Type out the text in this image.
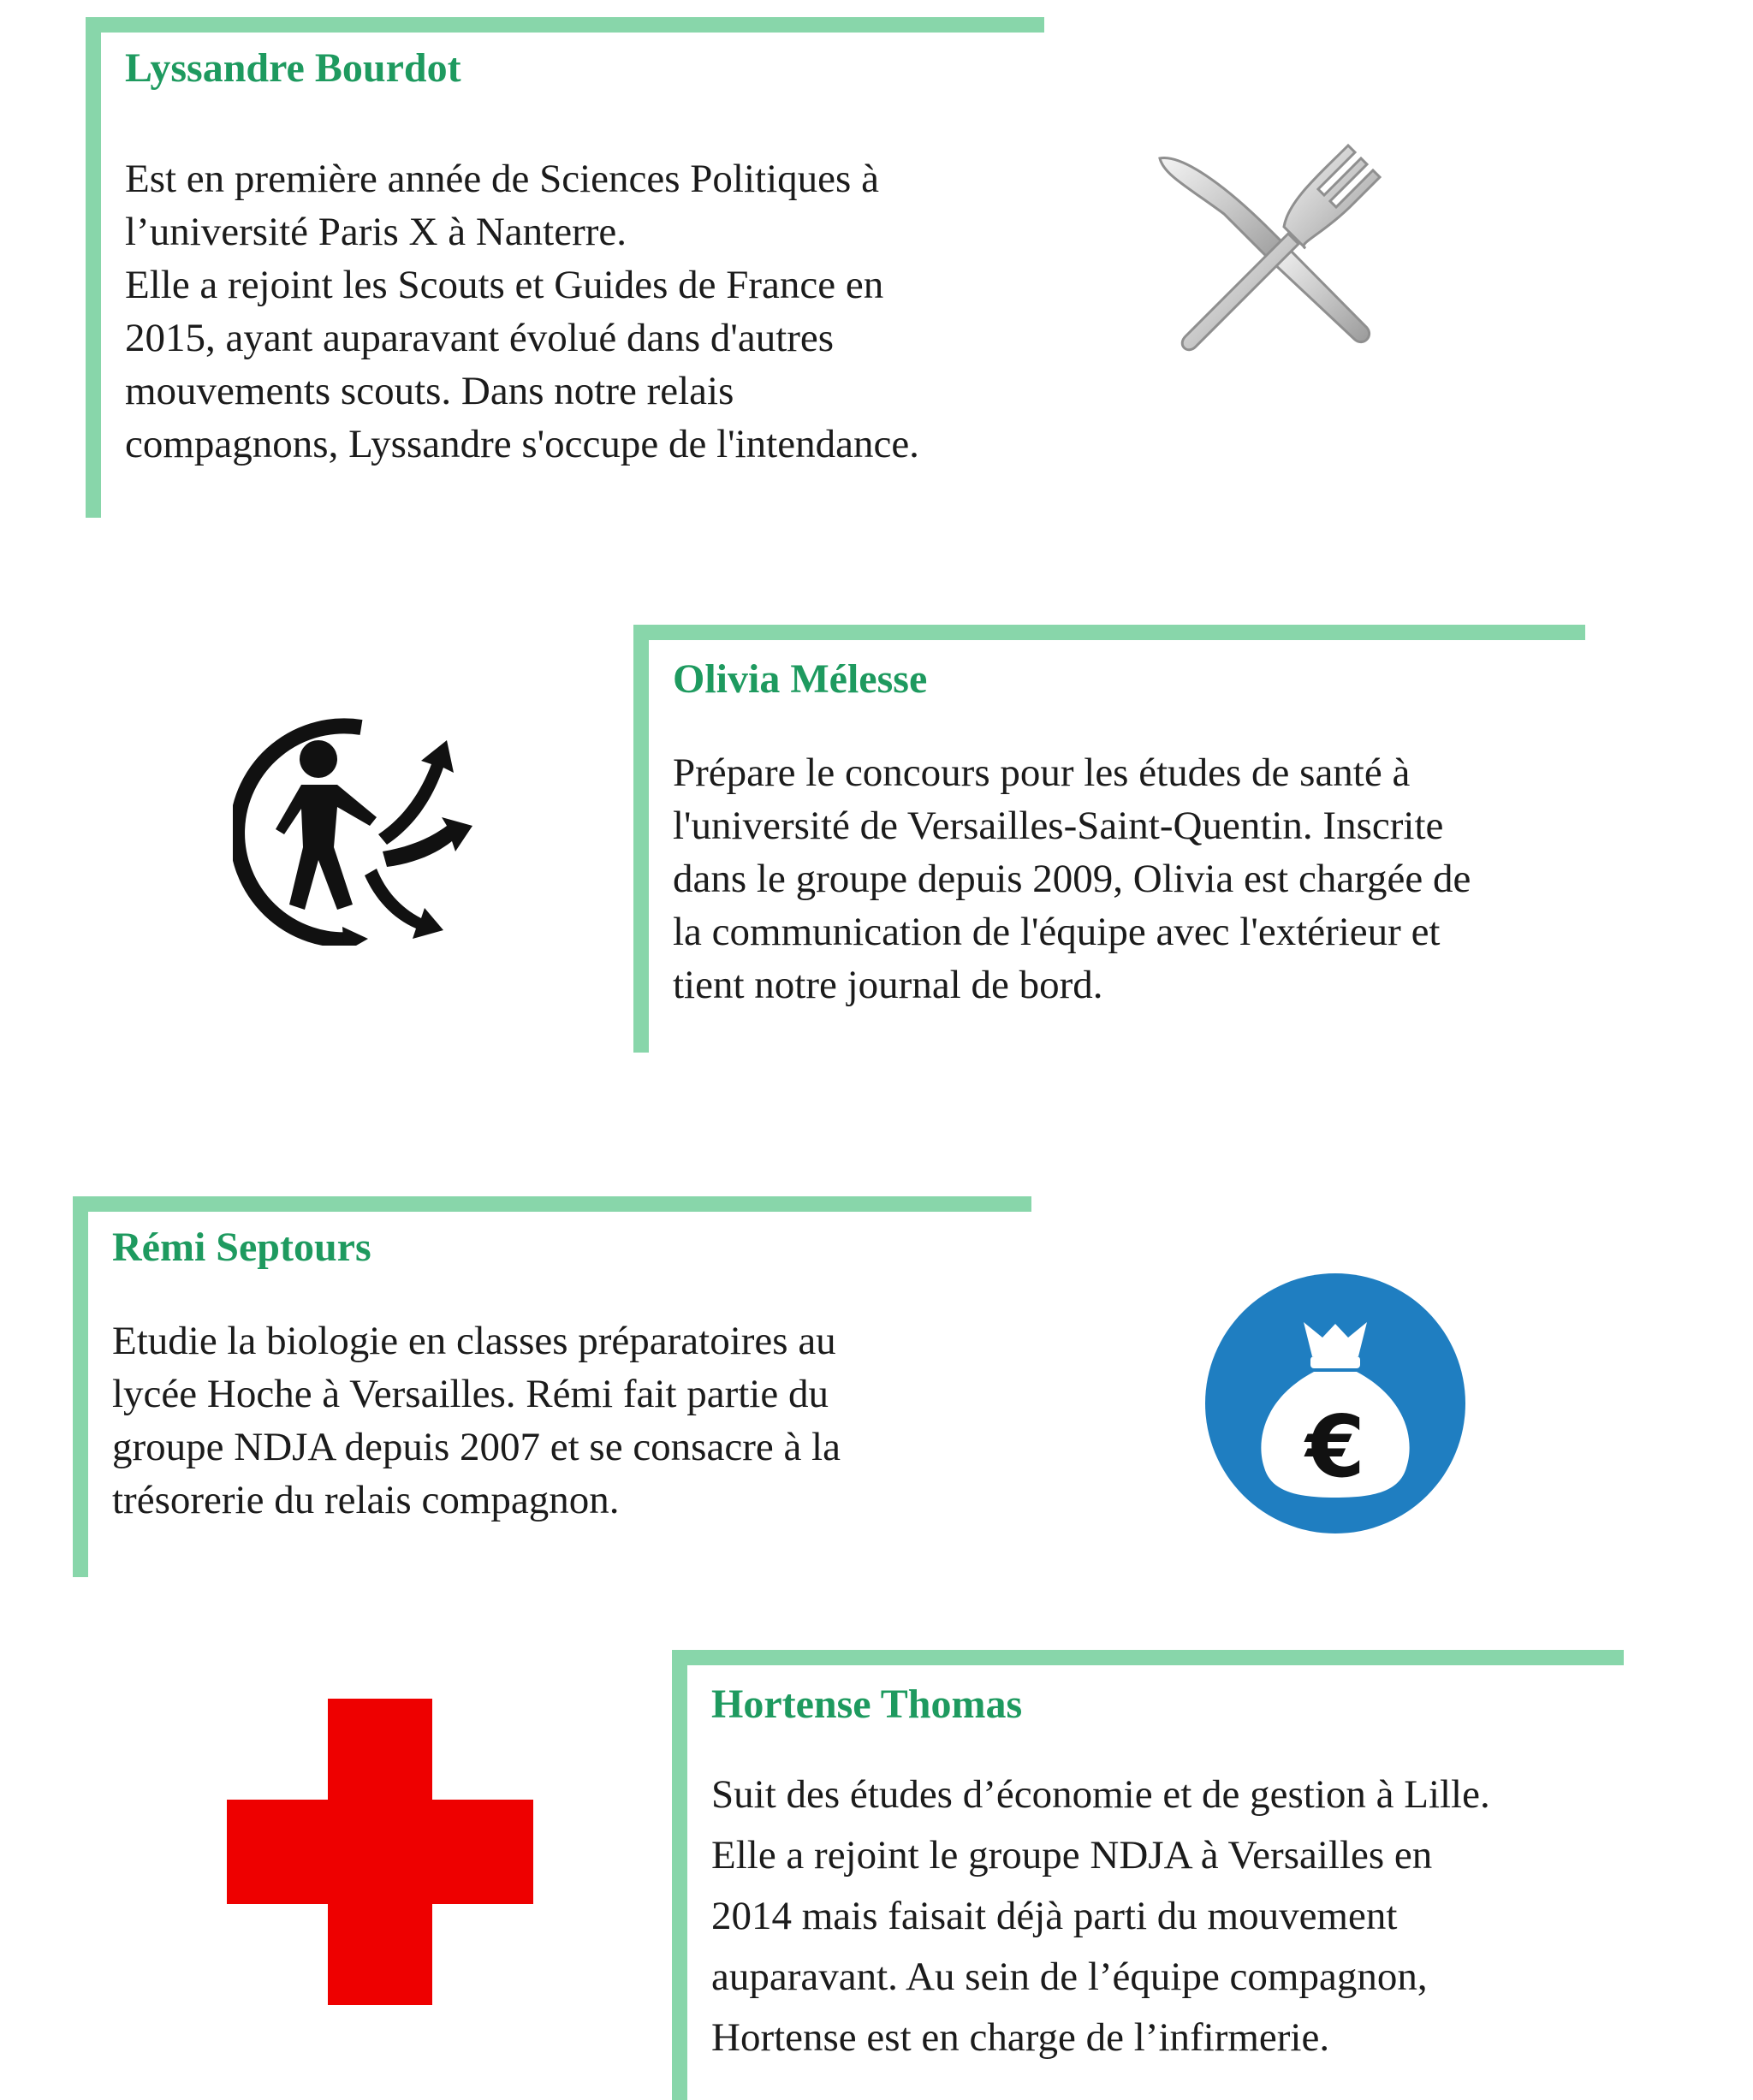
Lyssandre Bourdot
Est en première année de Sciences Politiques à
l’université Paris X à Nanterre.
Elle a rejoint les Scouts et Guides de France en
2015, ayant auparavant évolué dans d'autres
mouvements scouts. Dans notre relais
compagnons, Lyssandre s'occupe de l'intendance.
Olivia Mélesse
Prépare le concours pour les études de santé à
l'université de Versailles-Saint-Quentin. Inscrite
dans le groupe depuis 2009, Olivia est chargée de
la communication de l'équipe avec l'extérieur et
tient notre journal de bord.
Rémi Septours
Etudie la biologie en classes préparatoires au
lycée Hoche à Versailles. Rémi fait partie du
groupe NDJA depuis 2007 et se consacre à la
trésorerie du relais compagnon.
€
Hortense Thomas
Suit des études d’économie et de gestion à Lille.
Elle a rejoint le groupe NDJA à Versailles en
2014 mais faisait déjà parti du mouvement
auparavant. Au sein de l’équipe compagnon,
Hortense est en charge de l’infirmerie.
